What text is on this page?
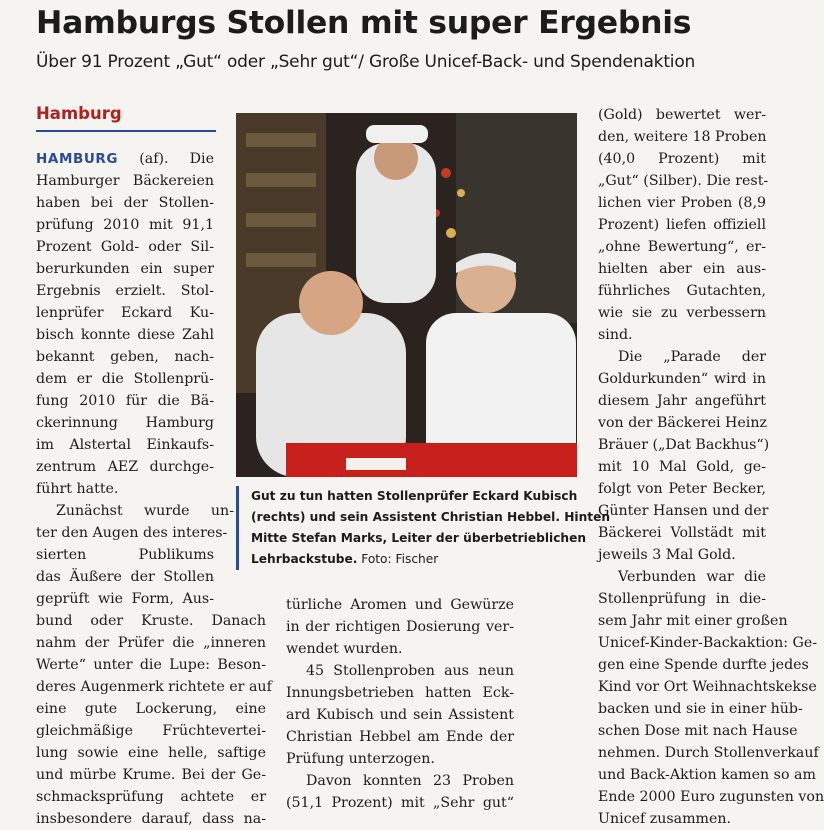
Hamburgs Stollen mit super Ergebnis
Über 91 Prozent „Gut“ oder „Sehr gut“/ Große Unicef-Back- und Spendenaktion
Hamburg
HAMBURG (af). Die
Hamburger Bäckereien
haben bei der Stollen-
prüfung 2010 mit 91,1
Prozent Gold- oder Sil-
berurkunden ein super
Ergebnis erzielt. Stol-
lenprüfer Eckard Ku-
bisch konnte diese Zahl
bekannt geben, nach-
dem er die Stollenprü-
fung 2010 für die Bä-
ckerinnung Hamburg
im Alstertal Einkaufs-
zentrum AEZ durchge-
führt hatte.
Zunächst wurde un-
ter den Augen des interes-
sierten Publikums
das Äußere der Stollen
geprüft wie Form, Aus-
bund oder Kruste. Danach
nahm der Prüfer die „inneren
Werte“ unter die Lupe: Beson-
deres Augenmerk richtete er auf
eine gute Lockerung, eine
gleichmäßige Früchtevertei-
lung sowie eine helle, saftige
und mürbe Krume. Bei der Ge-
schmacksprüfung achtete er
insbesondere darauf, dass na-
Gut zu tun hatten Stollenprüfer Eckard Kubisch
(rechts) und sein Assistent Christian Hebbel. Hinten
Mitte Stefan Marks, Leiter der überbetrieblichen
Lehrbackstube. Foto: Fischer
türliche Aromen und Gewürze
in der richtigen Dosierung ver-
wendet wurden.
45 Stollenproben aus neun
Innungsbetrieben hatten Eck-
ard Kubisch und sein Assistent
Christian Hebbel am Ende der
Prüfung unterzogen.
Davon konnten 23 Proben
(51,1 Prozent) mit „Sehr gut“
(Gold) bewertet wer-
den, weitere 18 Proben
(40,0 Prozent) mit
„Gut“ (Silber). Die rest-
lichen vier Proben (8,9
Prozent) liefen offiziell
„ohne Bewertung“, er-
hielten aber ein aus-
führliches Gutachten,
wie sie zu verbessern
sind.
Die „Parade der
Goldurkunden“ wird in
diesem Jahr angeführt
von der Bäckerei Heinz
Bräuer („Dat Backhus“)
mit 10 Mal Gold, ge-
folgt von Peter Becker,
Günter Hansen und der
Bäckerei Vollstädt mit
jeweils 3 Mal Gold.
Verbunden war die
Stollenprüfung in die-
sem Jahr mit einer großen
Unicef-Kinder-Backaktion: Ge-
gen eine Spende durfte jedes
Kind vor Ort Weihnachtskekse
backen und sie in einer hüb-
schen Dose mit nach Hause
nehmen. Durch Stollenverkauf
und Back-Aktion kamen so am
Ende 2000 Euro zugunsten von
Unicef zusammen.
